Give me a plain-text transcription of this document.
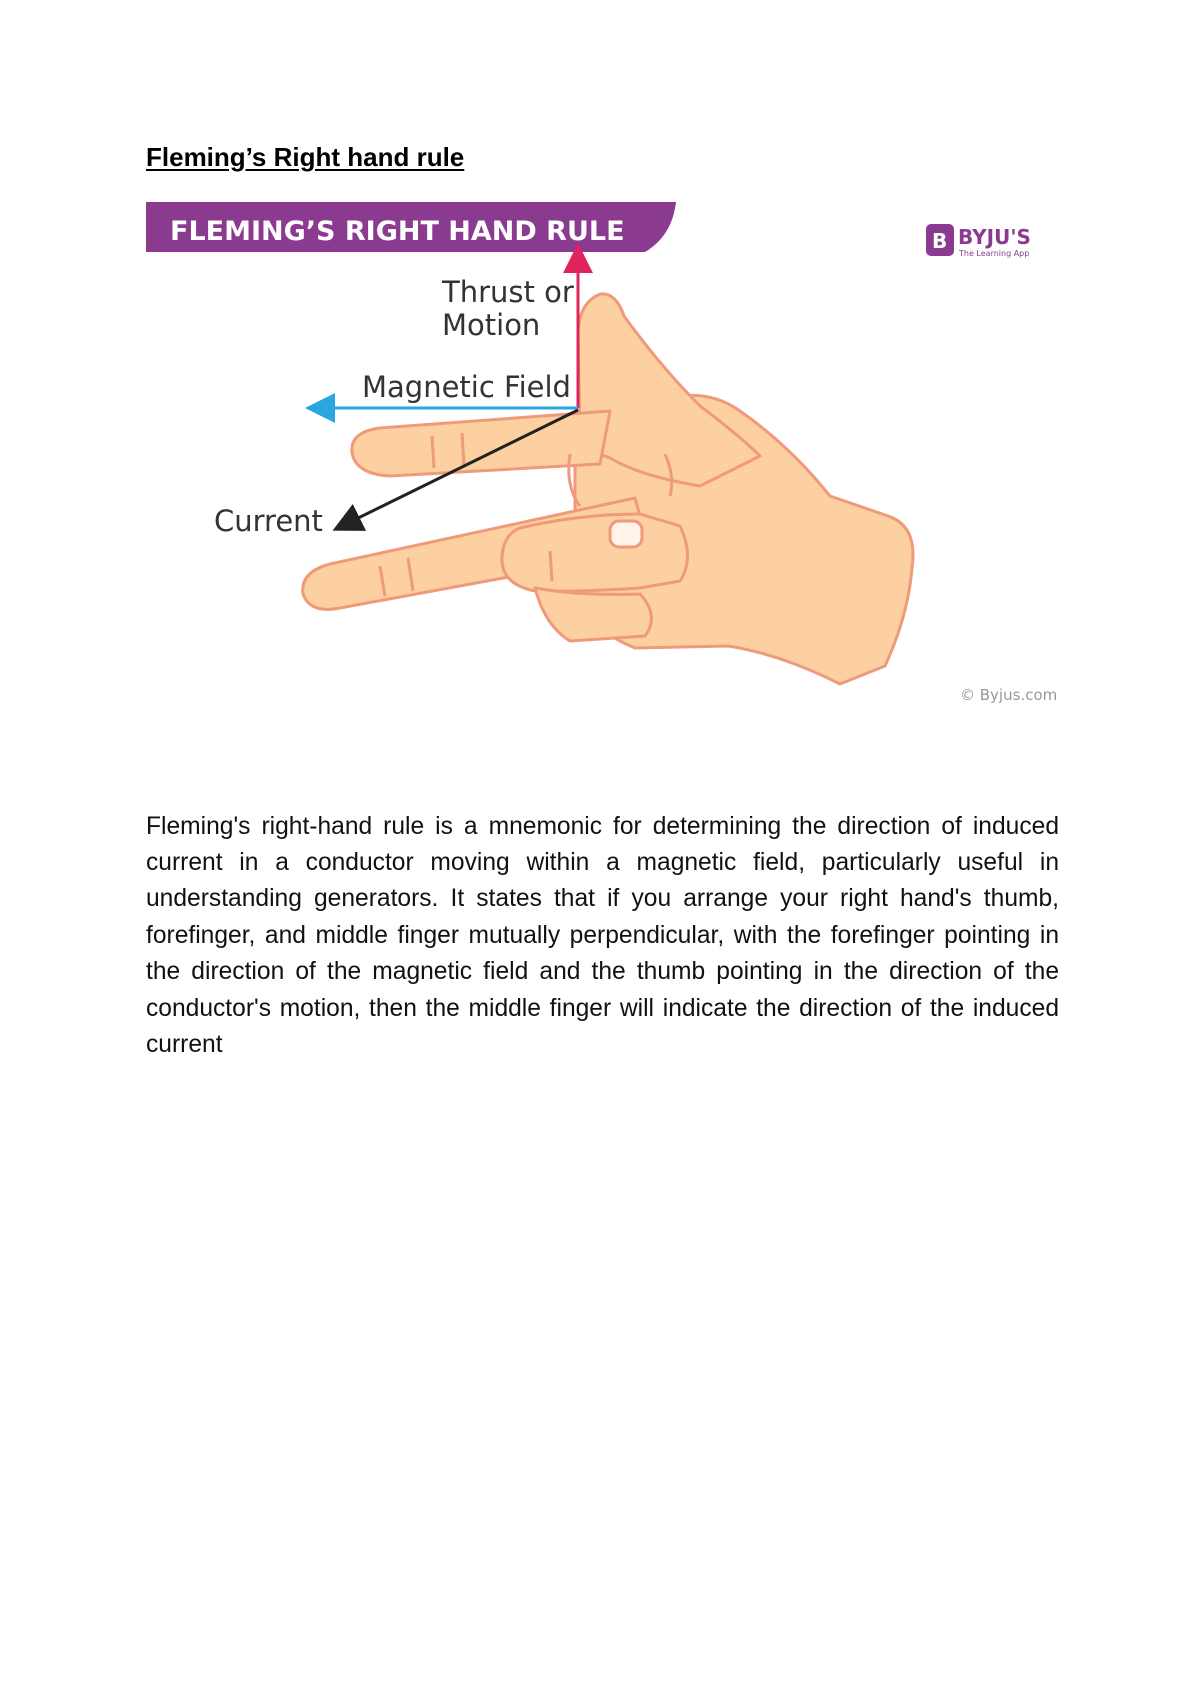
Fleming’s Right hand rule
FLEMING’S RIGHT HAND RULE	B BYJU'S
The Learning App
Thrust or
Motion
Magnetic Field
Current
© Byjus.com

Fleming's right-hand rule is a mnemonic for determining the direction of induced current in a conductor moving within a magnetic field, particularly useful in understanding generators. It states that if you arrange your right hand's thumb, forefinger, and middle finger mutually perpendicular, with the forefinger pointing in the direction of the magnetic field and the thumb pointing in the direction of the conductor's motion, then the middle finger will indicate the direction of the induced current
